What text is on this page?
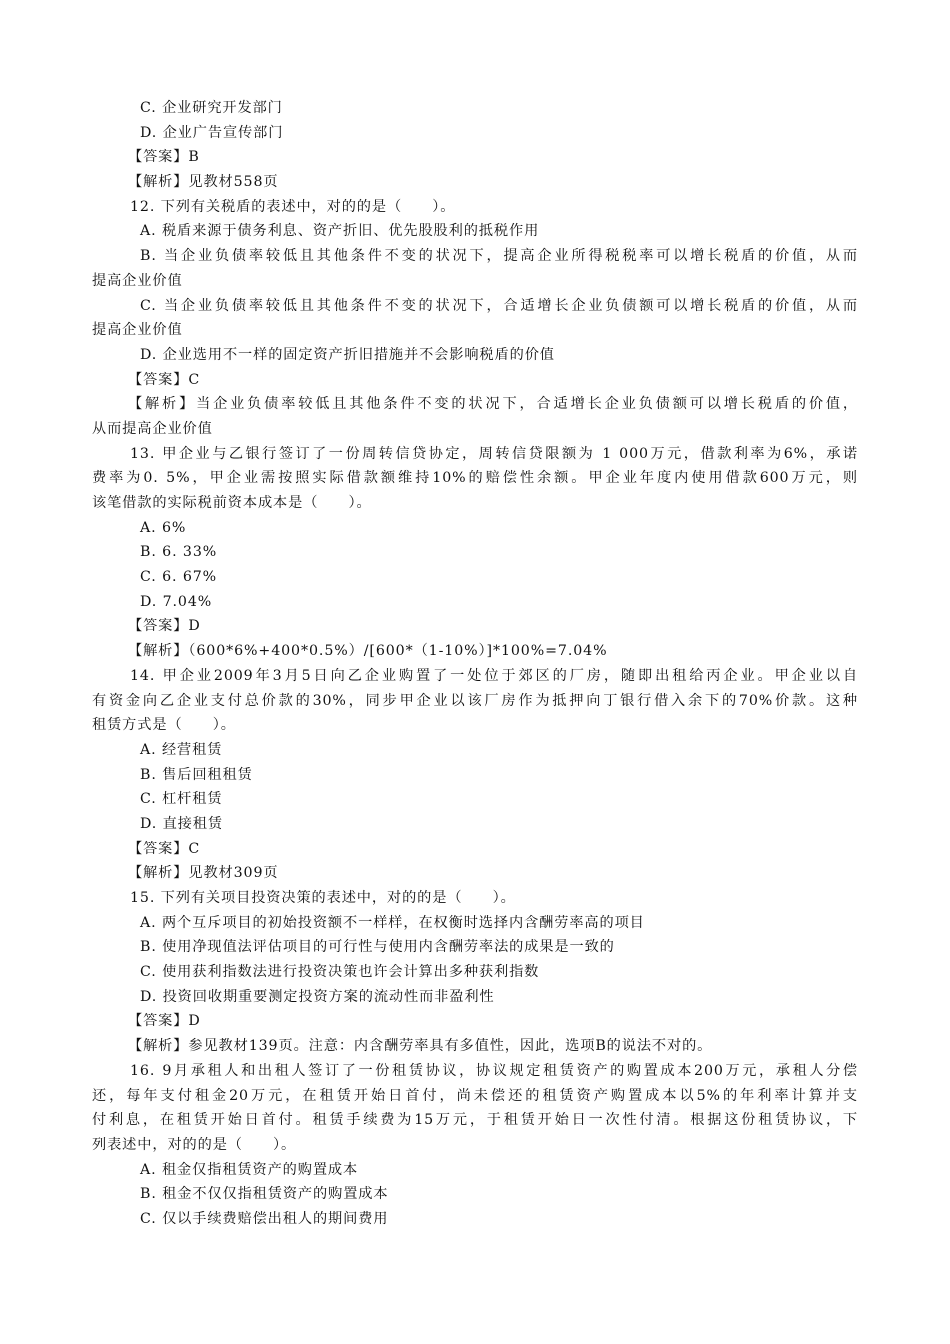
C. 企业研究开发部门
D. 企业广告宣传部门
【答案】B
【解析】见教材558页
12. 下列有关税盾的表述中，对的的是（　　）。
A. 税盾来源于债务利息、资产折旧、优先股股利的抵税作用
B. 当企业负债率较低且其他条件不变的状况下，提高企业所得税税率可以增长税盾的价值，从而
提高企业价值
C. 当企业负债率较低且其他条件不变的状况下，合适增长企业负债额可以增长税盾的价值，从而
提高企业价值
D. 企业选用不一样的固定资产折旧措施并不会影响税盾的价值
【答案】C
【解析】当企业负债率较低且其他条件不变的状况下，合适增长企业负债额可以增长税盾的价值，
从而提高企业价值
13. 甲企业与乙银行签订了一份周转信贷协定，周转信贷限额为 1 000万元，借款利率为6%，承诺
费率为0. 5%，甲企业需按照实际借款额维持10%的赔偿性余额。甲企业年度内使用借款600万元，则
该笔借款的实际税前资本成本是（　　）。
A. 6%
B. 6. 33%
C. 6. 67%
D. 7.04%
【答案】D
【解析】（600*6%+400*0.5%）/[600*（1-10%）]*100%=7.04%
14. 甲企业2009年3月5日向乙企业购置了一处位于郊区的厂房，随即出租给丙企业。甲企业以自
有资金向乙企业支付总价款的30%，同步甲企业以该厂房作为抵押向丁银行借入余下的70%价款。这种
租赁方式是（　　）。
A. 经营租赁
B. 售后回租租赁
C. 杠杆租赁
D. 直接租赁
【答案】C
【解析】见教材309页
15. 下列有关项目投资决策的表述中，对的的是（　　）。
A. 两个互斥项目的初始投资额不一样样，在权衡时选择内含酬劳率高的项目
B. 使用净现值法评估项目的可行性与使用内含酬劳率法的成果是一致的
C. 使用获利指数法进行投资决策也许会计算出多种获利指数
D. 投资回收期重要测定投资方案的流动性而非盈利性
【答案】D
【解析】参见教材139页。注意：内含酬劳率具有多值性，因此，选项B的说法不对的。
16. 9月承租人和出租人签订了一份租赁协议，协议规定租赁资产的购置成本200万元，承租人分偿
还，每年支付租金20万元，在租赁开始日首付，尚未偿还的租赁资产购置成本以5%的年利率计算并支
付利息，在租赁开始日首付。租赁手续费为15万元，于租赁开始日一次性付清。根据这份租赁协议，下
列表述中，对的的是（　　）。
A. 租金仅指租赁资产的购置成本
B. 租金不仅仅指租赁资产的购置成本
C. 仅以手续费赔偿出租人的期间费用
